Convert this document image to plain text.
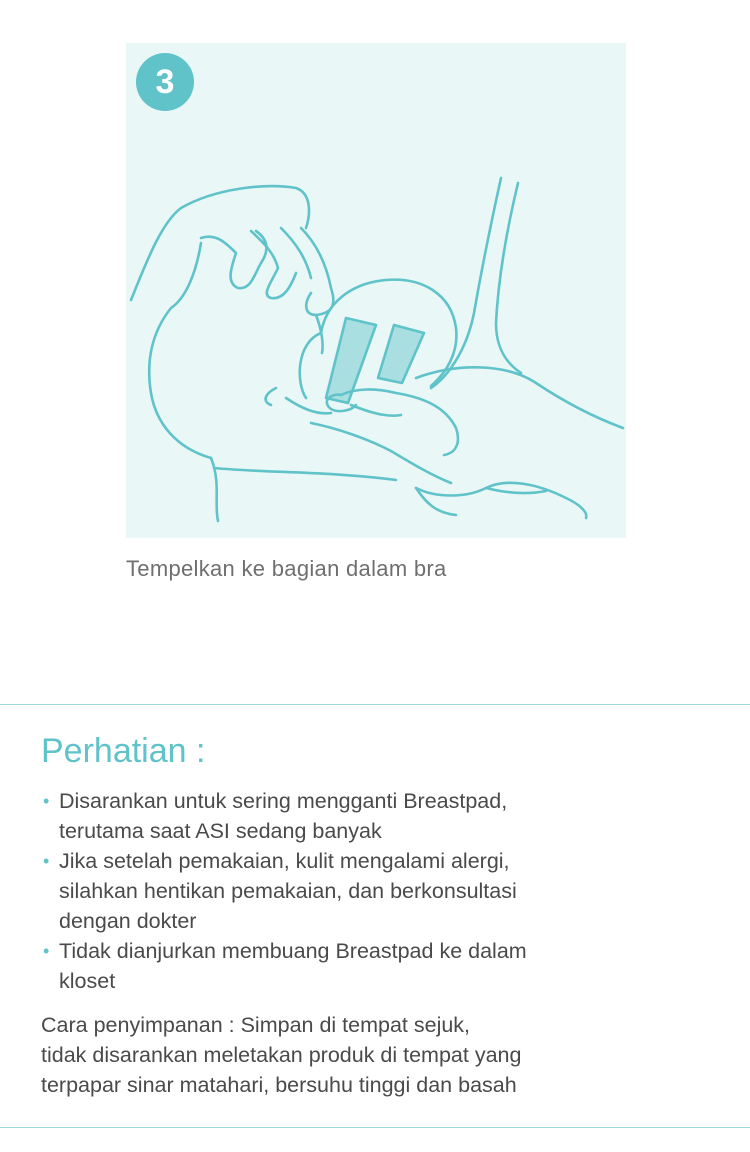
3
Tempelkan ke bagian dalam bra
Perhatian :
• Disarankan untuk sering mengganti Breastpad,
terutama saat ASI sedang banyak
• Jika setelah pemakaian, kulit mengalami alergi,
silahkan hentikan pemakaian, dan berkonsultasi
dengan dokter
• Tidak dianjurkan membuang Breastpad ke dalam
kloset

Cara penyimpanan : Simpan di tempat sejuk,
tidak disarankan meletakan produk di tempat yang
terpapar sinar matahari, bersuhu tinggi dan basah
